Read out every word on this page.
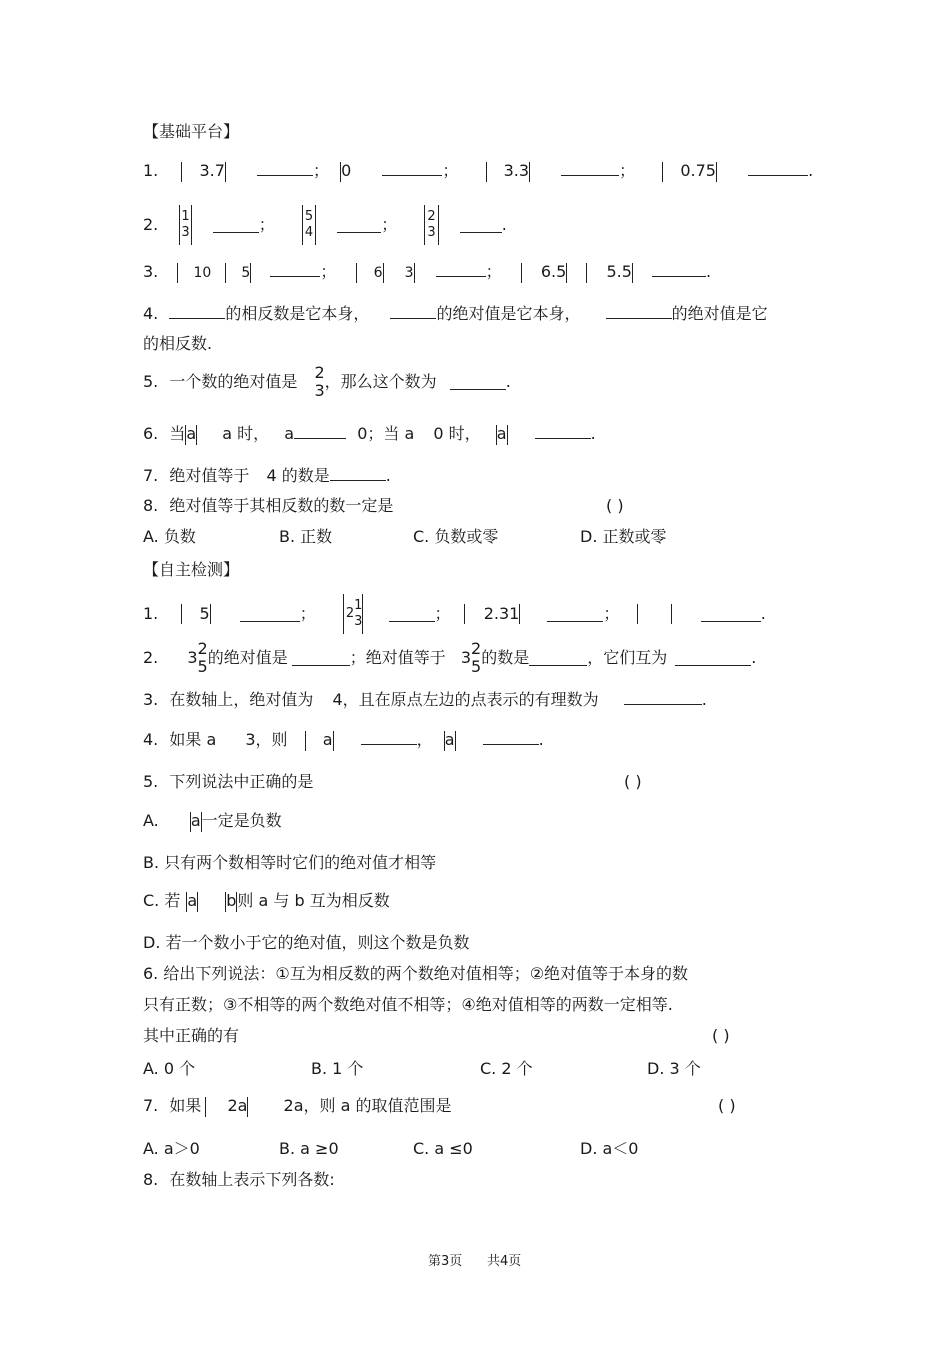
【基础平台】
1.	3.7	； 0	；	3.3	；	0.75	.
2. 1
3	； 5
4	； 2
3	.
3.	10 5	；	6 3	； 6.5	5.5	.
4.	的相反数是它本身，	的绝对值是它本身，	的绝对值是它
的相反数.
5. 一个数的绝对值是 2
3 ，那么这个数为	.
6. 当a a 时， a	0；当 a 0 时， a	.
7. 绝对值等于 4 的数是	.
8. 绝对值等于其相反数的数一定是	( )
A. 负数	B. 正数	C. 负数或零	D. 正数或零
【自主检测】
1.	5	； 2
1
3	； 2.31	；	.
2. 3 2
5 的绝对值是	；绝对值等于 3 2
5 的数是	，它们互为	.
3. 在数轴上，绝对值为 4，且在原点左边的点表示的有理数为	.
4. 如果 a 3，则 a	， a	.
5. 下列说法中正确的是	( )
A. a一定是负数
B. 只有两个数相等时它们的绝对值才相等
C. 若 a b则 a 与 b 互为相反数
D. 若一个数小于它的绝对值，则这个数是负数
6. 给出下列说法：①互为相反数的两个数绝对值相等；②绝对值等于本身的数
只有正数；③不相等的两个数绝对值不相等；④绝对值相等的两数一定相等.
其中正确的有	( )
A. 0 个	B. 1 个	C. 2 个	D. 3 个
7. 如果 2a 2a，则 a 的取值范围是	( )
A. a＞0	B. a ≥0	C. a ≤0	D. a＜0
8. 在数轴上表示下列各数:
第3页 共4页
